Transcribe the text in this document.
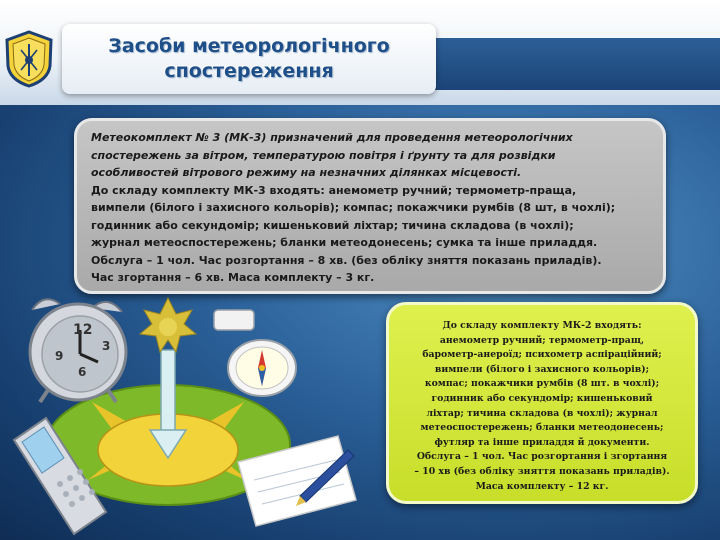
Засоби метеорологічного
спостереження

Метеокомплект № 3 (МК‑3) призначений для проведення метеорологічних
спостережень за вітром, температурою повітря і ґрунту та для розвідки
особливостей вітрового режиму на незначних ділянках місцевості.
До складу комплекту МК‑3 входять: анемометр ручний; термометр‑праща,
вимпели (білого і захисного кольорів); компас; покажчики румбів (8 шт, в чохлі);
годинник або секундомір; кишеньковий ліхтар; тичина складова (в чохлі);
журнал метеоспостережень; бланки метеодонесень; сумка та інше приладдя.
Обслуга – 1 чол. Час розгортання – 8 хв. (без обліку зняття показань приладів).
Час згортання – 6 хв. Маса комплекту – 3 кг.

До складу комплекту МК-2 входять:
анемометр ручний; термометр-пращ,
барометр-анероїд; психометр аспіраційний;
вимпели (білого і захисного кольорів);
компас; покажчики румбів (8 шт. в чохлі);
годинник або секундомір; кишеньковий
ліхтар; тичина складова (в чохлі); журнал
метеоспостережень; бланки метеодонесень;
футляр та інше приладдя й документи.
Обслуга – 1 чол. Час розгортання і згортання
– 10 хв (без обліку зняття показань приладів).
Маса комплекту – 12 кг.

12
3
9
6
